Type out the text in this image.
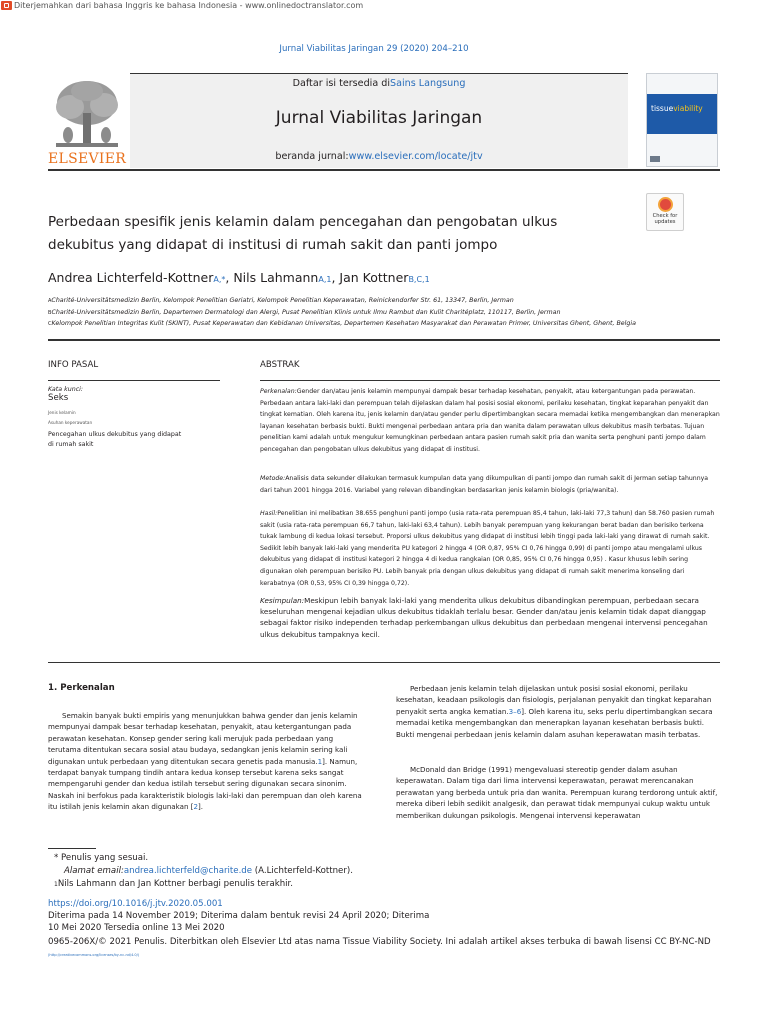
Diterjemahkan dari bahasa Inggris ke bahasa Indonesia - www.onlinedoctranslator.com
Jurnal Viabilitas Jaringan 29 (2020) 204–210
ELSEVIER
Daftar isi tersedia diSains Langsung
Jurnal Viabilitas Jaringan
beranda jurnal:www.elsevier.com/locate/jtv
tissueviability
Perbedaan spesifik jenis kelamin dalam pencegahan dan pengobatan ulkus
dekubitus yang didapat di institusi di rumah sakit dan panti jompo
Check for updates
Andrea Lichterfeld-KottnerA,*, Nils LahmannA,1, Jan KottnerB,C,1
ACharité-Universitätsmedizin Berlin, Kelompok Penelitian Geriatri, Kelompok Penelitian Keperawatan, Reinickendorfer Str. 61, 13347, Berlin, Jerman
BCharité-Universitätsmedizin Berlin, Departemen Dermatologi dan Alergi, Pusat Penelitian Klinis untuk Ilmu Rambut dan Kulit Charitéplatz, 110117, Berlin, Jerman
CKelompok Penelitian Integritas Kulit (SKINT), Pusat Keperawatan dan Kebidanan Universitas, Departemen Kesehatan Masyarakat dan Perawatan Primer, Universitas Ghent, Ghent, Belgia
INFO PASAL	ABSTRAK
Kata kunci:
Seks
Jenis kelamin
Asuhan keperawatan
Pencegahan ulkus dekubitus yang didapat di rumah sakit
Perkenalan:Gender dan/atau jenis kelamin mempunyai dampak besar terhadap kesehatan, penyakit, atau ketergantungan pada perawatan. Perbedaan antara laki-laki dan perempuan telah dijelaskan dalam hal posisi sosial ekonomi, perilaku kesehatan, tingkat keparahan penyakit dan tingkat kematian. Oleh karena itu, jenis kelamin dan/atau gender perlu dipertimbangkan secara memadai ketika mengembangkan dan menerapkan layanan kesehatan berbasis bukti. Bukti mengenai perbedaan antara pria dan wanita dalam perawatan ulkus dekubitus masih terbatas. Tujuan penelitian kami adalah untuk mengukur kemungkinan perbedaan antara pasien rumah sakit pria dan wanita serta penghuni panti jompo dalam pencegahan dan pengobatan ulkus dekubitus yang didapat di institusi.
Metode:Analisis data sekunder dilakukan termasuk kumpulan data yang dikumpulkan di panti jompo dan rumah sakit di Jerman setiap tahunnya dari tahun 2001 hingga 2016. Variabel yang relevan dibandingkan berdasarkan jenis kelamin biologis (pria/wanita).
Hasil:Penelitian ini melibatkan 38.655 penghuni panti jompo (usia rata-rata perempuan 85,4 tahun, laki-laki 77,3 tahun) dan 58.760 pasien rumah sakit (usia rata-rata perempuan 66,7 tahun, laki-laki 63,4 tahun). Lebih banyak perempuan yang kekurangan berat badan dan berisiko terkena tukak lambung di kedua lokasi tersebut. Proporsi ulkus dekubitus yang didapat di institusi lebih tinggi pada laki-laki yang dirawat di rumah sakit. Sedikit lebih banyak laki-laki yang menderita PU kategori 2 hingga 4 (OR 0,87, 95% CI 0,76 hingga 0,99) di panti jompo atau mengalami ulkus dekubitus yang didapat di institusi kategori 2 hingga 4 di kedua rangkaian (OR 0,85, 95% CI 0,76 hingga 0,95) . Kasur khusus lebih sering digunakan oleh perempuan berisiko PU. Lebih banyak pria dengan ulkus dekubitus yang didapat di rumah sakit menerima konseling dari kerabatnya (OR 0,53, 95% CI 0,39 hingga 0,72).
Kesimpulan:Meskipun lebih banyak laki-laki yang menderita ulkus dekubitus dibandingkan perempuan, perbedaan secara keseluruhan mengenai kejadian ulkus dekubitus tidaklah terlalu besar. Gender dan/atau jenis kelamin tidak dapat dianggap sebagai faktor risiko independen terhadap perkembangan ulkus dekubitus dan perbedaan mengenai intervensi pencegahan ulkus dekubitus tampaknya kecil.
1. Perkenalan
Semakin banyak bukti empiris yang menunjukkan bahwa gender dan jenis kelamin mempunyai dampak besar terhadap kesehatan, penyakit, atau ketergantungan pada perawatan kesehatan. Konsep gender sering kali merujuk pada perbedaan yang terutama ditentukan secara sosial atau budaya, sedangkan jenis kelamin sering kali digunakan untuk perbedaan yang ditentukan secara genetis pada manusia.1]. Namun, terdapat banyak tumpang tindih antara kedua konsep tersebut karena seks sangat mempengaruhi gender dan kedua istilah tersebut sering digunakan secara sinonim. Naskah ini berfokus pada karakteristik biologis laki-laki dan perempuan dan oleh karena itu istilah jenis kelamin akan digunakan [2].
Perbedaan jenis kelamin telah dijelaskan untuk posisi sosial ekonomi, perilaku kesehatan, keadaan psikologis dan fisiologis, perjalanan penyakit dan tingkat keparahan penyakit serta angka kematian.3–6]. Oleh karena itu, seks perlu dipertimbangkan secara memadai ketika mengembangkan dan menerapkan layanan kesehatan berbasis bukti. Bukti mengenai perbedaan jenis kelamin dalam asuhan keperawatan masih terbatas.
McDonald dan Bridge (1991) mengevaluasi stereotip gender dalam asuhan keperawatan. Dalam tiga dari lima intervensi keperawatan, perawat merencanakan perawatan yang berbeda untuk pria dan wanita. Perempuan kurang terdorong untuk aktif, mereka diberi lebih sedikit analgesik, dan perawat tidak mempunyai cukup waktu untuk memberikan dukungan psikologis. Mengenai intervensi keperawatan
* Penulis yang sesuai.
Alamat email:andrea.lichterfeld@charite.de (A.Lichterfeld-Kottner).
1Nils Lahmann dan Jan Kottner berbagi penulis terakhir.
https://doi.org/10.1016/j.jtv.2020.05.001
Diterima pada 14 November 2019; Diterima dalam bentuk revisi 24 April 2020; Diterima 10 Mei 2020 Tersedia online 13 Mei 2020
0965-206X/© 2021 Penulis. Diterbitkan oleh Elsevier Ltd atas nama Tissue Viability Society. Ini adalah artikel akses terbuka di bawah lisensi CC BY-NC-ND
(http://creativecommons.org/licenses/by-nc-nd/4.0/)
